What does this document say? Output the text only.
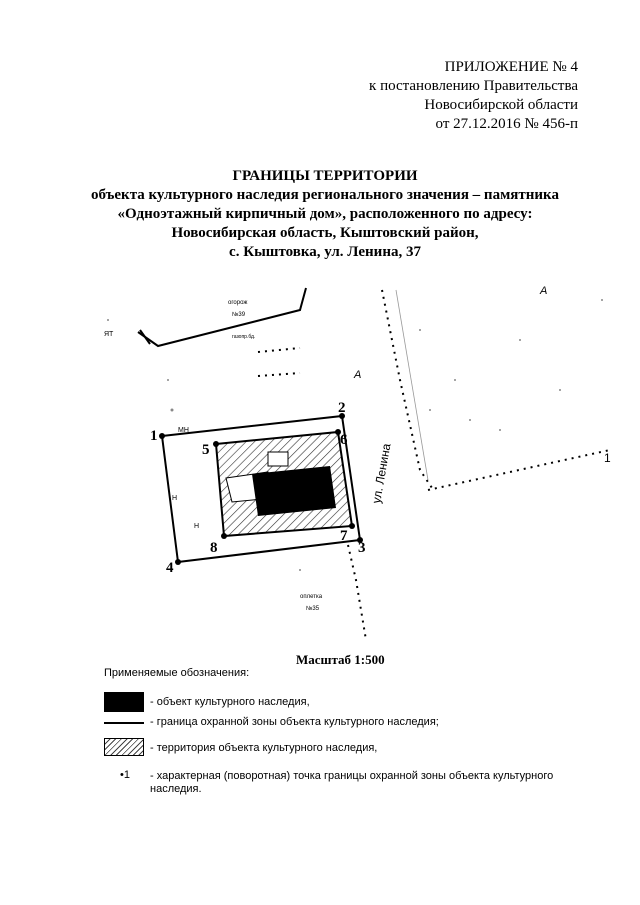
ПРИЛОЖЕНИЕ № 4
к постановлению Правительства
Новосибирской области
от 27.12.2016 № 456-п
ГРАНИЦЫ ТЕРРИТОРИИ
объекта культурного наследия регионального значения – памятника
«Одноэтажный кирпичный дом», расположенного по адресу:
Новосибирская область, Кыштовский район,
с. Кыштовка, ул. Ленина, 37
1
2
3
4
5
6
7
8
ул. Ленина
А
А
1
огорож
№39
газопр.бд.
МН
Н
Н
оплетка
№35
ЯТ
Масштаб 1:500
Применяемые обозначения:
- объект культурного наследия,
- граница охранной зоны объекта культурного наследия;
- территория объекта культурного наследия,
•1 - характерная (поворотная) точка границы охранной зоны объекта культурного
наследия.
